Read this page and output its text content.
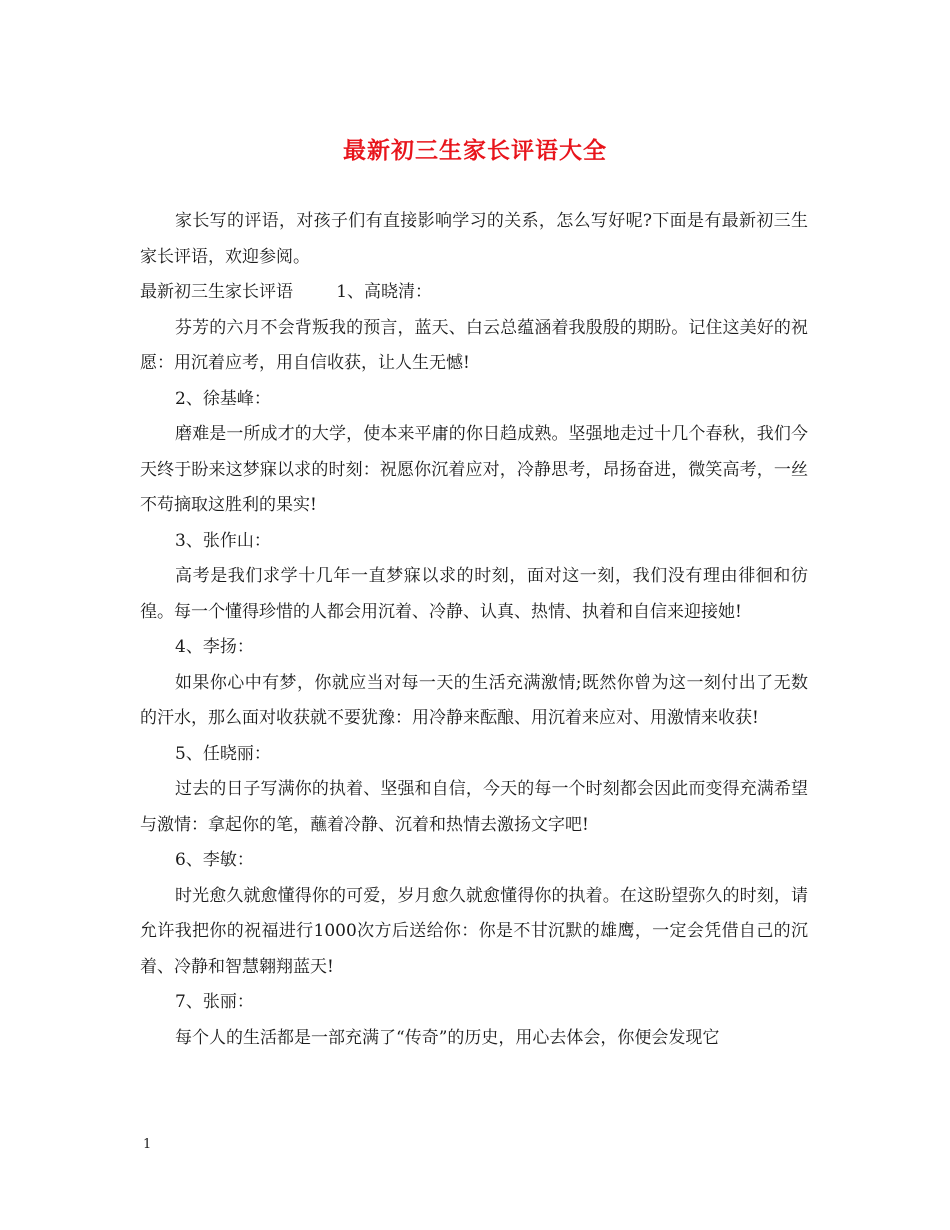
最新初三生家长评语大全

家长写的评语，对孩子们有直接影响学习的关系，怎么写好呢?下面是有最新初三生家长评语，欢迎参阅。

最新初三生家长评语        1、高晓清：

芬芳的六月不会背叛我的预言，蓝天、白云总蕴涵着我殷殷的期盼。记住这美好的祝愿：用沉着应考，用自信收获，让人生无憾!

2、徐基峰：

磨难是一所成才的大学，使本来平庸的你日趋成熟。坚强地走过十几个春秋，我们今天终于盼来这梦寐以求的时刻：祝愿你沉着应对，冷静思考，昂扬奋进，微笑高考，一丝不苟摘取这胜利的果实!

3、张作山：

高考是我们求学十几年一直梦寐以求的时刻，面对这一刻，我们没有理由徘徊和彷徨。每一个懂得珍惜的人都会用沉着、冷静、认真、热情、执着和自信来迎接她!

4、李扬：

如果你心中有梦，你就应当对每一天的生活充满激情;既然你曾为这一刻付出了无数的汗水，那么面对收获就不要犹豫：用冷静来酝酿、用沉着来应对、用激情来收获!

5、任晓丽：

过去的日子写满你的执着、坚强和自信，今天的每一个时刻都会因此而变得充满希望与激情：拿起你的笔，蘸着冷静、沉着和热情去激扬文字吧!

6、李敏：

时光愈久就愈懂得你的可爱，岁月愈久就愈懂得你的执着。在这盼望弥久的时刻，请允许我把你的祝福进行1000次方后送给你：你是不甘沉默的雄鹰，一定会凭借自己的沉着、冷静和智慧翱翔蓝天!

7、张丽：

每个人的生活都是一部充满了“传奇”的历史，用心去体会，你便会发现它

1
